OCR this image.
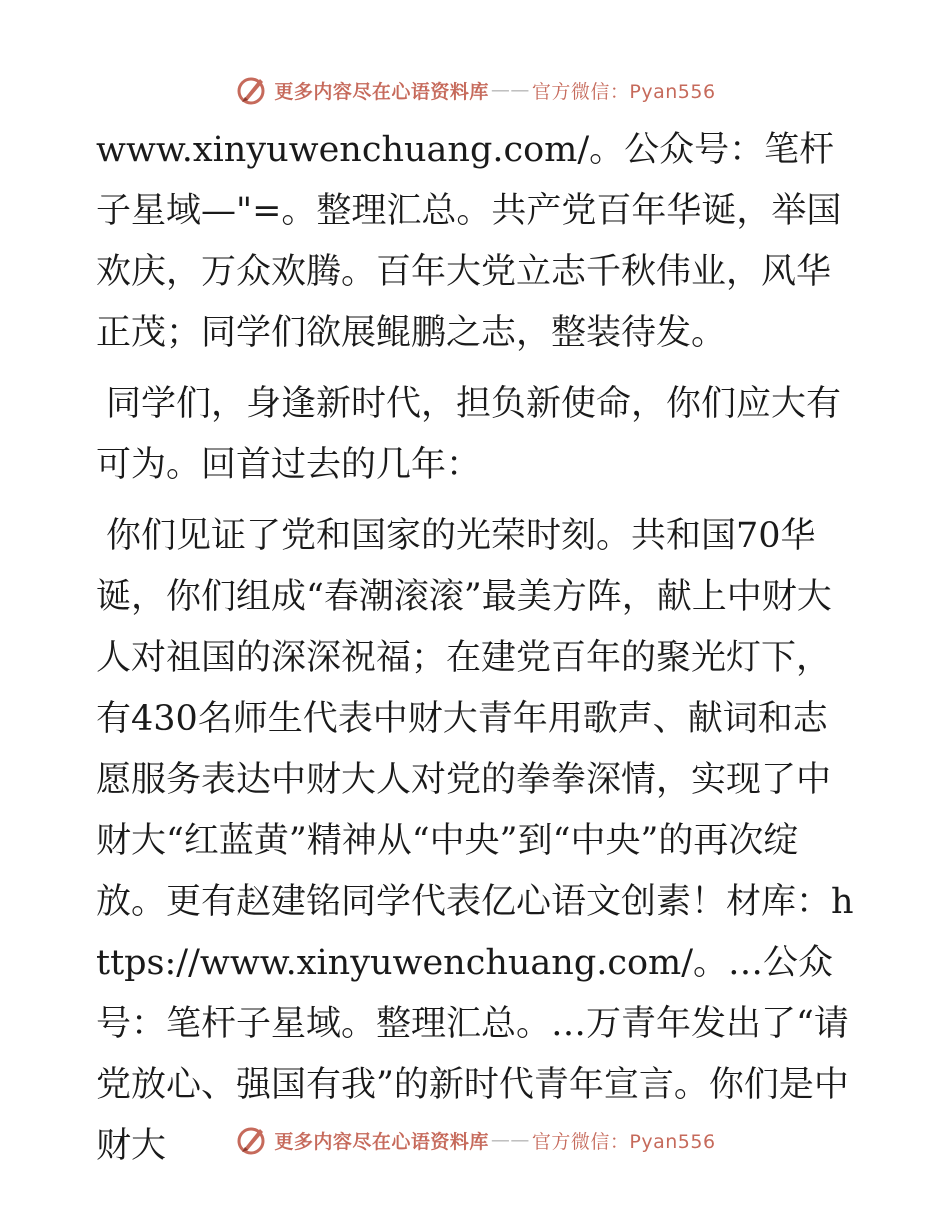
更多内容尽在心语资料库 —— 官方微信：Pyan556

www.xinyuwenchuang.com/。公众号：笔杆子星域—"=。整理汇总。共产党百年华诞，举国欢庆，万众欢腾。百年大党立志千秋伟业，风华正茂；同学们欲展鲲鹏之志，整装待发。

同学们，身逢新时代，担负新使命，你们应大有可为。回首过去的几年：

你们见证了党和国家的光荣时刻。共和国70华诞，你们组成“春潮滚滚”最美方阵，献上中财大人对祖国的深深祝福；在建党百年的聚光灯下，有430名师生代表中财大青年用歌声、献词和志愿服务表达中财大人对党的拳拳深情，实现了中财大“红蓝黄”精神从“中央”到“中央”的再次绽放。更有赵建铭同学代表亿心语文创素！材库：https://www.xinyuwenchuang.com/。…公众号：笔杆子星域。整理汇总。…万青年发出了“请党放心、强国有我”的新时代青年宣言。你们是中财大	更多内容尽在心语资料库 —— 官方微信：Pyan556
